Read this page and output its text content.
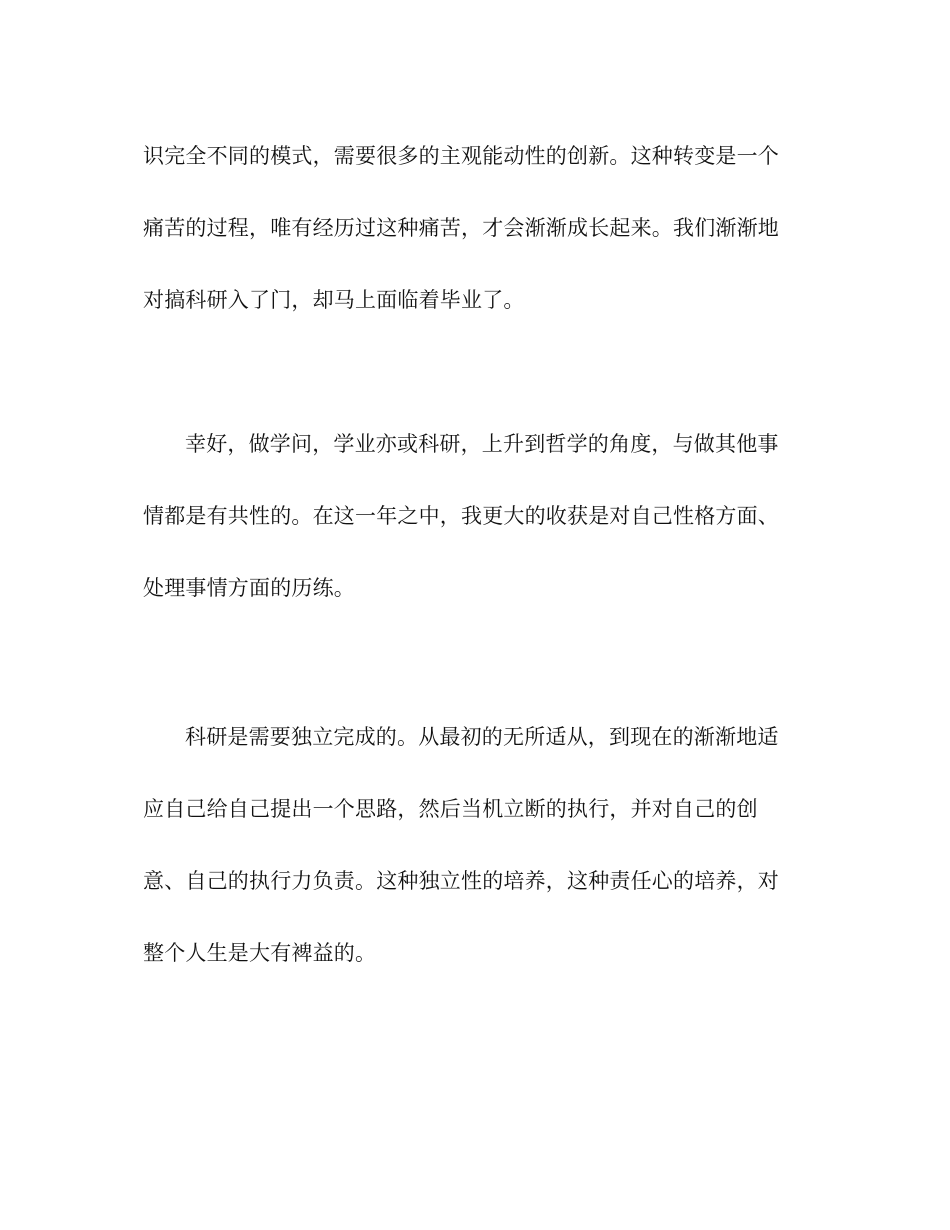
识完全不同的模式，需要很多的主观能动性的创新。这种转变是一个
痛苦的过程，唯有经历过这种痛苦，才会渐渐成长起来。我们渐渐地
对搞科研入了门，却马上面临着毕业了。
幸好，做学问，学业亦或科研，上升到哲学的角度，与做其他事
情都是有共性的。在这一年之中，我更大的收获是对自己性格方面、
处理事情方面的历练。
科研是需要独立完成的。从最初的无所适从，到现在的渐渐地适
应自己给自己提出一个思路，然后当机立断的执行，并对自己的创
意、自己的执行力负责。这种独立性的培养，这种责任心的培养，对
整个人生是大有裨益的。
